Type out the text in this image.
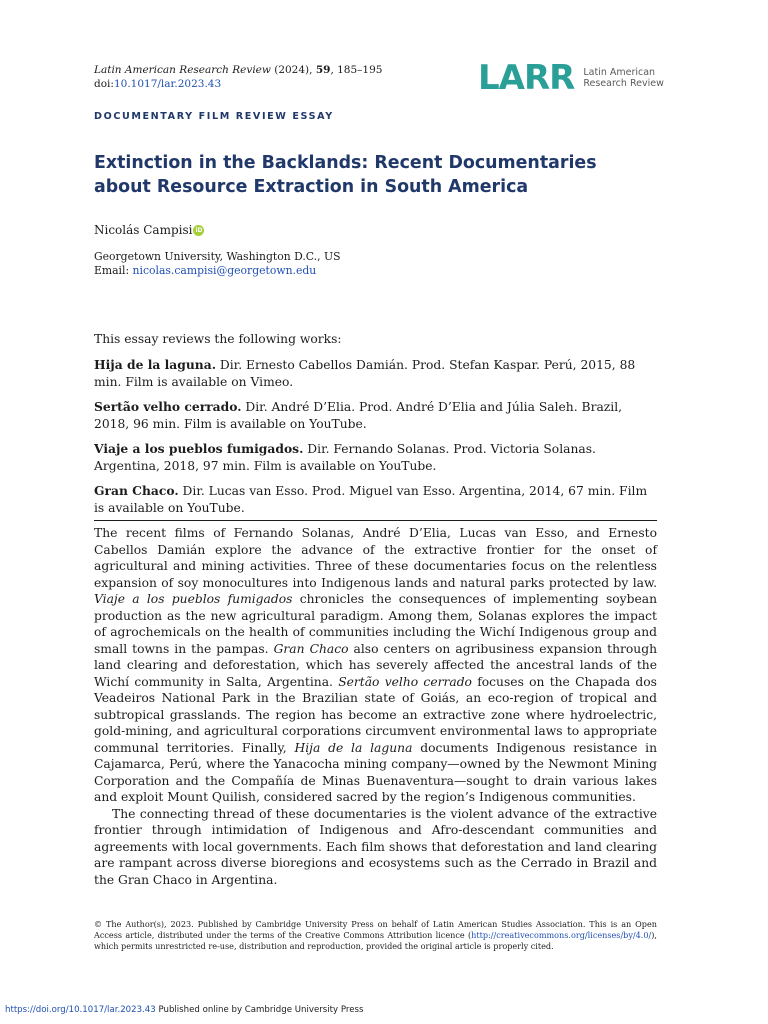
Latin American Research Review (2024), 59, 185–195
doi:10.1017/lar.2023.43	LARR Latin American
Research Review
DOCUMENTARY FILM REVIEW ESSAY
Extinction in the Backlands: Recent Documentaries
about Resource Extraction in South America
Nicolás Campisi iD
Georgetown University, Washington D.C., US
Email: nicolas.campisi@georgetown.edu
This essay reviews the following works:
Hija de la laguna. Dir. Ernesto Cabellos Damián. Prod. Stefan Kaspar. Perú, 2015, 88 min. Film is available on Vimeo.
Sertão velho cerrado. Dir. André D’Elia. Prod. André D’Elia and Júlia Saleh. Brazil, 2018, 96 min. Film is available on YouTube.
Viaje a los pueblos fumigados. Dir. Fernando Solanas. Prod. Victoria Solanas. Argentina, 2018, 97 min. Film is available on YouTube.
Gran Chaco. Dir. Lucas van Esso. Prod. Miguel van Esso. Argentina, 2014, 67 min. Film is available on YouTube.

The recent films of Fernando Solanas, André D’Elia, Lucas van Esso, and Ernesto Cabellos Damián explore the advance of the extractive frontier for the onset of agricultural and mining activities. Three of these documentaries focus on the relentless expansion of soy monocultures into Indigenous lands and natural parks protected by law. Viaje a los pueblos fumigados chronicles the consequences of implementing soybean production as the new agricultural paradigm. Among them, Solanas explores the impact of agrochemicals on the health of communities including the Wichí Indigenous group and small towns in the pampas. Gran Chaco also centers on agribusiness expansion through land clearing and deforestation, which has severely affected the ancestral lands of the Wichí community in Salta, Argentina. Sertão velho cerrado focuses on the Chapada dos Veadeiros National Park in the Brazilian state of Goiás, an eco-region of tropical and subtropical grasslands. The region has become an extractive zone where hydroelectric, gold-mining, and agricultural corporations circumvent environmental laws to appropriate communal territories. Finally, Hija de la laguna documents Indigenous resistance in Cajamarca, Perú, where the Yanacocha mining company—owned by the Newmont Mining Corporation and the Compañía de Minas Buenaventura—sought to drain various lakes and exploit Mount Quilish, considered sacred by the region’s Indigenous communities.

The connecting thread of these documentaries is the violent advance of the extractive frontier through intimidation of Indigenous and Afro-descendant communities and agreements with local governments. Each film shows that deforestation and land clearing are rampant across diverse bioregions and ecosystems such as the Cerrado in Brazil and the Gran Chaco in Argentina.

© The Author(s), 2023. Published by Cambridge University Press on behalf of Latin American Studies Association. This is an Open Access article, distributed under the terms of the Creative Commons Attribution licence (http://creativecommons.org/licenses/by/4.0/), which permits unrestricted re-use, distribution and reproduction, provided the original article is properly cited.
https://doi.org/10.1017/lar.2023.43 Published online by Cambridge University Press
